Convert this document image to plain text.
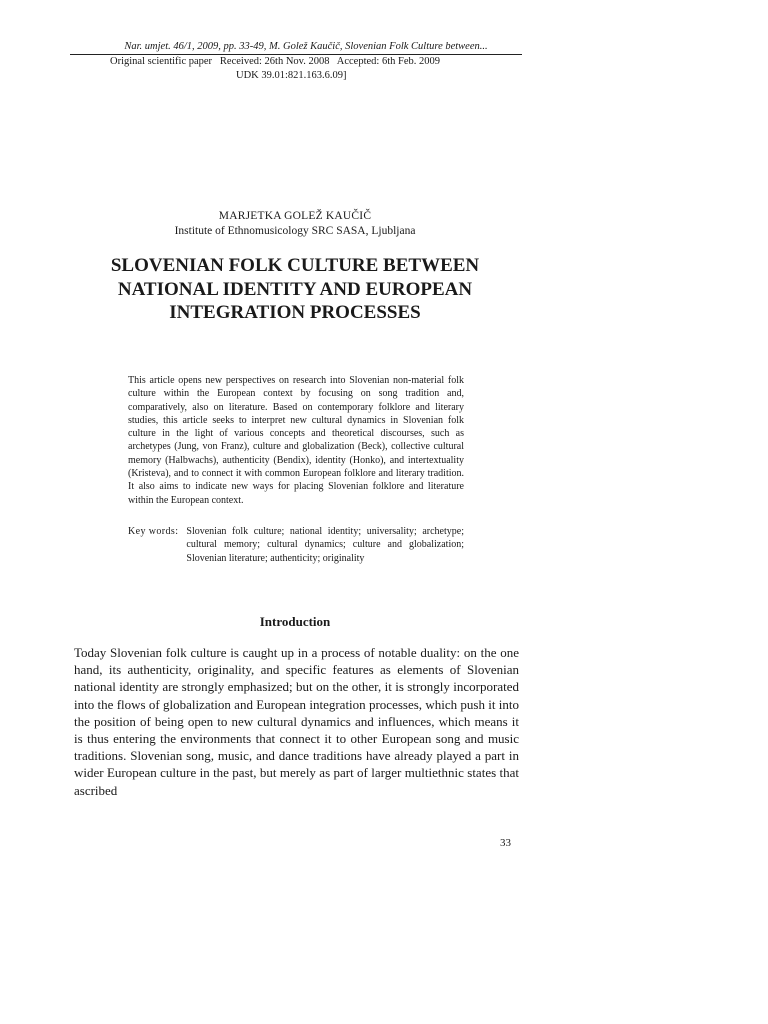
Nar. umjet. 46/1, 2009, pp. 33-49, M. Golež Kaučič, Slovenian Folk Culture between...
Original scientific paper   Received: 26th Nov. 2008   Accepted: 6th Feb. 2009
UDK 39.01:821.163.6.09]
MARJETKA GOLEŽ KAUČIČ
Institute of Ethnomusicology SRC SASA, Ljubljana
SLOVENIAN FOLK CULTURE BETWEEN NATIONAL IDENTITY AND EUROPEAN INTEGRATION PROCESSES

This article opens new perspectives on research into Slovenian non-material folk culture within the European context by focusing on song tradition and, comparatively, also on literature. Based on contemporary folklore and literary studies, this article seeks to interpret new cultural dynamics in Slovenian folk culture in the light of various concepts and theoretical discourses, such as archetypes (Jung, von Franz), culture and globalization (Beck), collective cultural memory (Halbwachs), authenticity (Bendix), identity (Honko), and intertextuality (Kristeva), and to connect it with common European folklore and literary tradition. It also aims to indicate new ways for placing Slovenian folklore and literature within the European context.

Key words: Slovenian folk culture; national identity; universality; archetype; cultural memory; cultural dynamics; culture and globalization; Slovenian literature; authenticity; originality
Introduction

Today Slovenian folk culture is caught up in a process of notable duality: on the one hand, its authenticity, originality, and specific features as elements of Slovenian national identity are strongly emphasized; but on the other, it is strongly incorporated into the flows of globalization and European integration processes, which push it into the position of being open to new cultural dynamics and influences, which means it is thus entering the environments that connect it to other European song and music traditions. Slovenian song, music, and dance traditions have already played a part in wider European culture in the past, but merely as part of larger multiethnic states that ascribed

33
